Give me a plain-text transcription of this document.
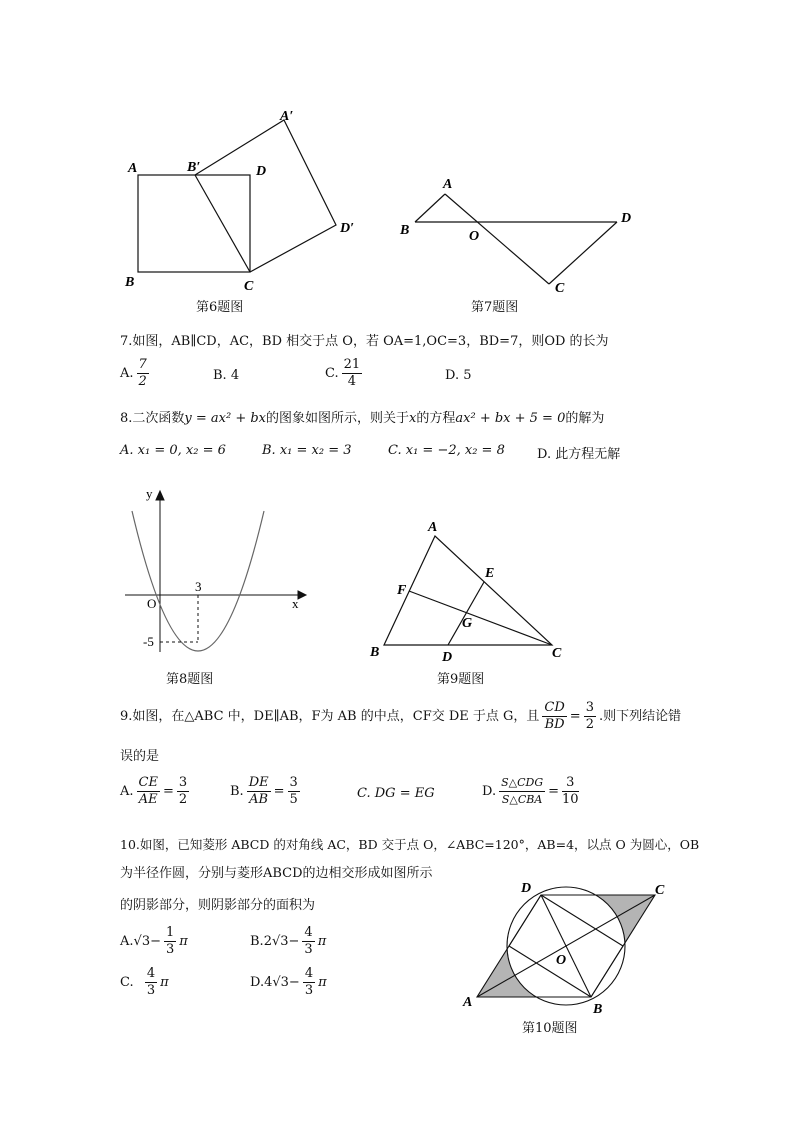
A	B′	D
A′
D′
B	C
第6题图
A
B	O
D
C
第7题图
7.如图，AB∥CD，AC，BD 相交于点 O，若 OA=1,OC=3，BD=7，则OD 的长为
A. $\frac{7}{2}$	B. 4	C. $\frac{21}{4}$	D. 5
8.二次函数y = ax² + bx的图象如图所示，则关于x的方程ax² + bx + 5 = 0的解为
A. x₁ = 0, x₂ = 6	B. x₁ = x₂ = 3	C. x₁ = −2, x₂ = 8 D. 此方程无解
y
x
O
3
-5
第8题图
A
E
F
G
B	D	C
第9题图
9.如图，在△ABC 中，DE∥AB，F为 AB 的中点，CF交 DE 于点 G，且 $\frac{CD}{BD} = \frac{3}{2}$ .则下列结论错
误的是
A. $\frac{CE}{AE} = \frac{3}{2}$	B. $\frac{DE}{AB} = \frac{3}{5}$	C. DG = EG	D. $\frac{\text{S△CDG}}{\text{S△CBA}} = \frac{3}{10}$
10.如图，已知菱形 ABCD 的对角线 AC，BD 交于点 O，∠ABC=120°，AB=4，以点 O 为圆心，OB
为半径作圆，分别与菱形ABCD的边相交形成如图所示
的阴影部分，则阴影部分的面积为
$A.√3- \frac{1}{3}$ π	$B.2√3- \frac{4}{3}$ π
C. $\frac{4}{3}$ π	$D.4√3- \frac{4}{3}$ π
D	C
O
A	B
第10题图
